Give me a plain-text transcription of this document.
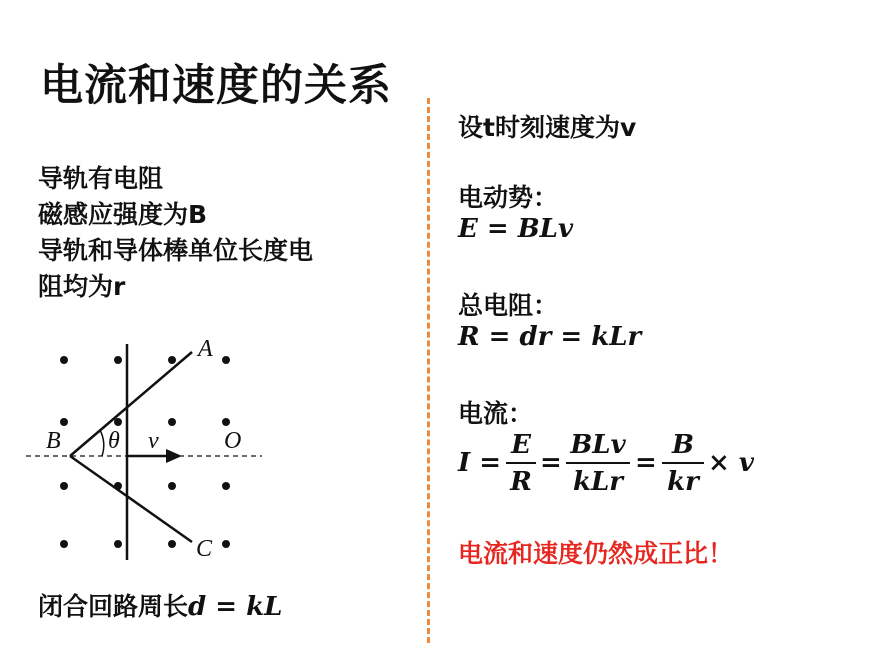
电流和速度的关系
导轨有电阻
磁感应强度为B
导轨和导体棒单位长度电
阻均为r
A
B
C
O
θ v
闭合回路周长d = kL
设t时刻速度为v
电动势：
E = BLv
总电阻：
R = dr = kLr
电流：
$I = \frac{E}{R}$ =
BLv
kLr
= $\frac{B}{kr} \times v$
电流和速度仍然成正比！
